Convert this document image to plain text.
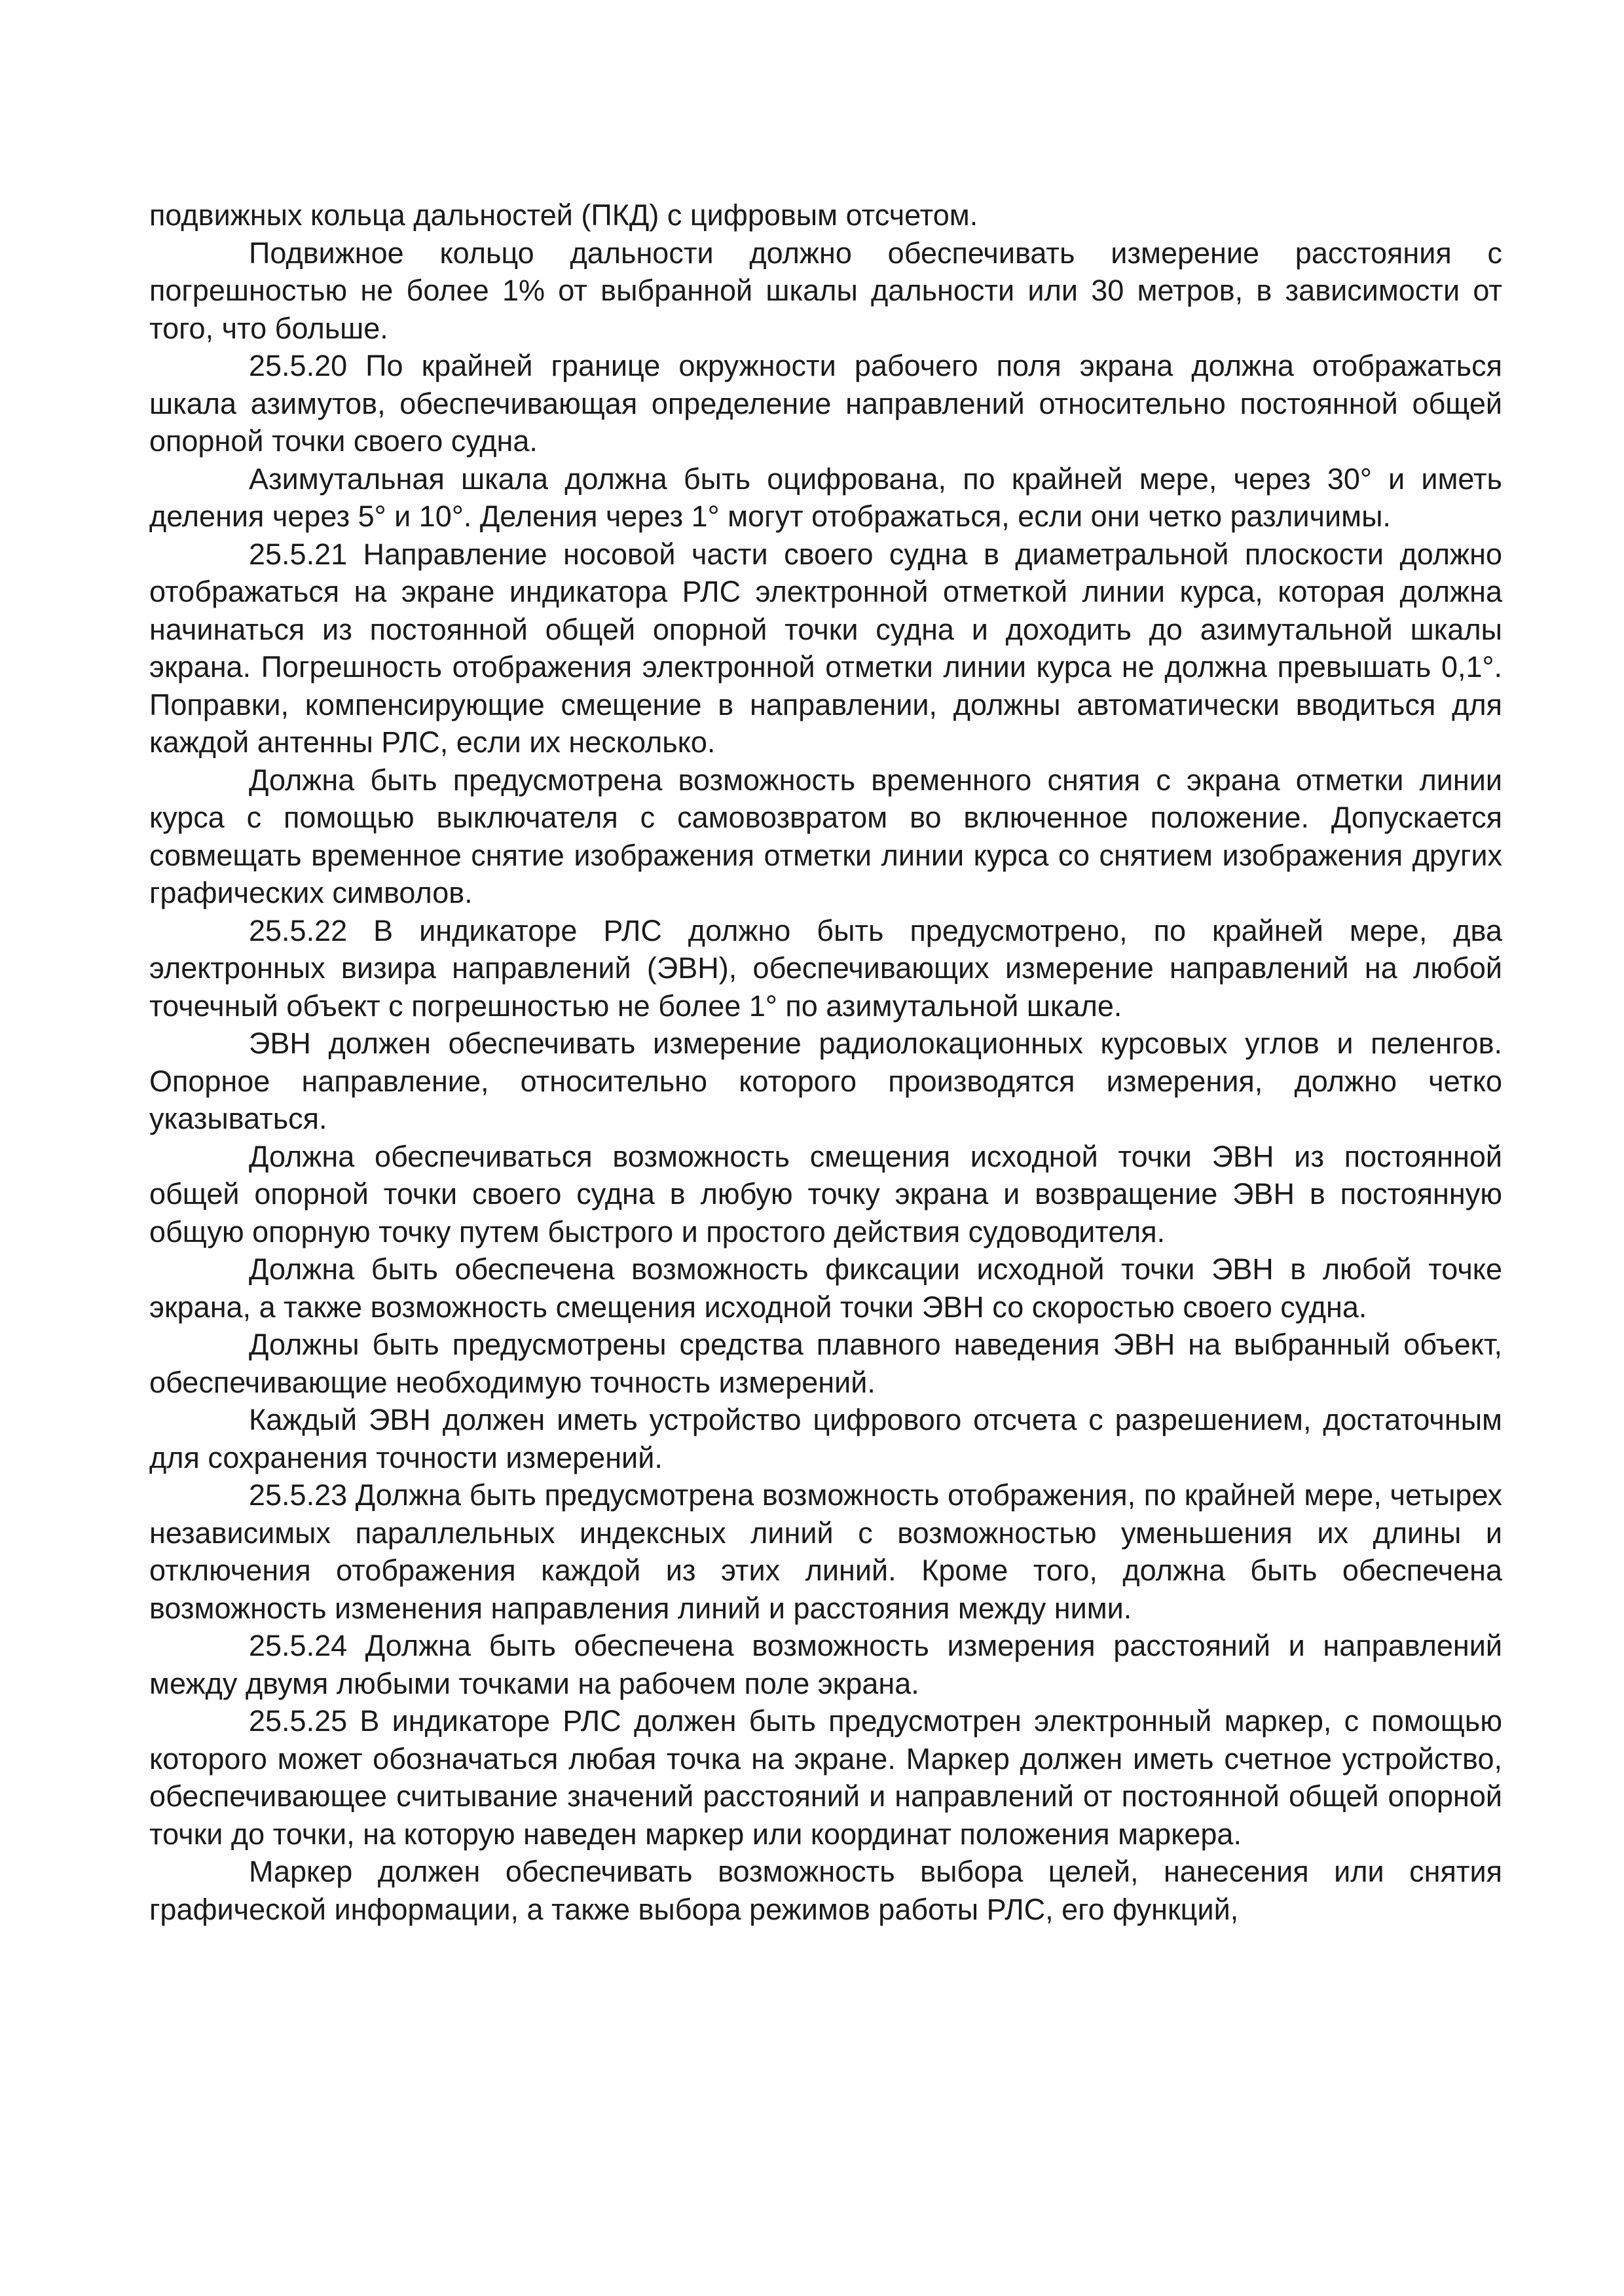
подвижных кольца дальностей (ПКД) с цифровым отсчетом.

Подвижное кольцо дальности должно обеспечивать измерение расстояния с погрешностью не более 1% от выбранной шкалы дальности или 30 метров, в зависимости от того, что больше.

25.5.20 По крайней границе окружности рабочего поля экрана должна отображаться шкала азимутов, обеспечивающая определение направлений относительно постоянной общей опорной точки своего судна.

Азимутальная шкала должна быть оцифрована, по крайней мере, через 30° и иметь деления через 5° и 10°. Деления через 1° могут отображаться, если они четко различимы.

25.5.21 Направление носовой части своего судна в диаметральной плоскости должно отображаться на экране индикатора РЛС электронной отметкой линии курса, которая должна начинаться из постоянной общей опорной точки судна и доходить до азимутальной шкалы экрана. Погрешность отображения электронной отметки линии курса не должна превышать 0,1°. Поправки, компенсирующие смещение в направлении, должны автоматически вводиться для каждой антенны РЛС, если их несколько.

Должна быть предусмотрена возможность временного снятия с экрана отметки линии курса с помощью выключателя с самовозвратом во включенное положение. Допускается совмещать временное снятие изображения отметки линии курса со снятием изображения других графических символов.

25.5.22 В индикаторе РЛС должно быть предусмотрено, по крайней мере, два электронных визира направлений (ЭВН), обеспечивающих измерение направлений на любой точечный объект с погрешностью не более 1° по азимутальной шкале.

ЭВН должен обеспечивать измерение радиолокационных курсовых углов и пеленгов. Опорное направление, относительно которого производятся измерения, должно четко указываться.

Должна обеспечиваться возможность смещения исходной точки ЭВН из постоянной общей опорной точки своего судна в любую точку экрана и возвращение ЭВН в постоянную общую опорную точку путем быстрого и простого действия судоводителя.

Должна быть обеспечена возможность фиксации исходной точки ЭВН в любой точке экрана, а также возможность смещения исходной точки ЭВН со скоростью своего судна.

Должны быть предусмотрены средства плавного наведения ЭВН на выбранный объект, обеспечивающие необходимую точность измерений.

Каждый ЭВН должен иметь устройство цифрового отсчета с разрешением, достаточным для сохранения точности измерений.

25.5.23 Должна быть предусмотрена возможность отображения, по крайней мере, четырех независимых параллельных индексных линий с возможностью уменьшения их длины и отключения отображения каждой из этих линий. Кроме того, должна быть обеспечена возможность изменения направления линий и расстояния между ними.

25.5.24 Должна быть обеспечена возможность измерения расстояний и направлений между двумя любыми точками на рабочем поле экрана.

25.5.25 В индикаторе РЛС должен быть предусмотрен электронный маркер, с помощью которого может обозначаться любая точка на экране. Маркер должен иметь счетное устройство, обеспечивающее считывание значений расстояний и направлений от постоянной общей опорной точки до точки, на которую наведен маркер или координат положения маркера.

Маркер должен обеспечивать возможность выбора целей, нанесения или снятия графической информации, а также выбора режимов работы РЛС, его функций,
